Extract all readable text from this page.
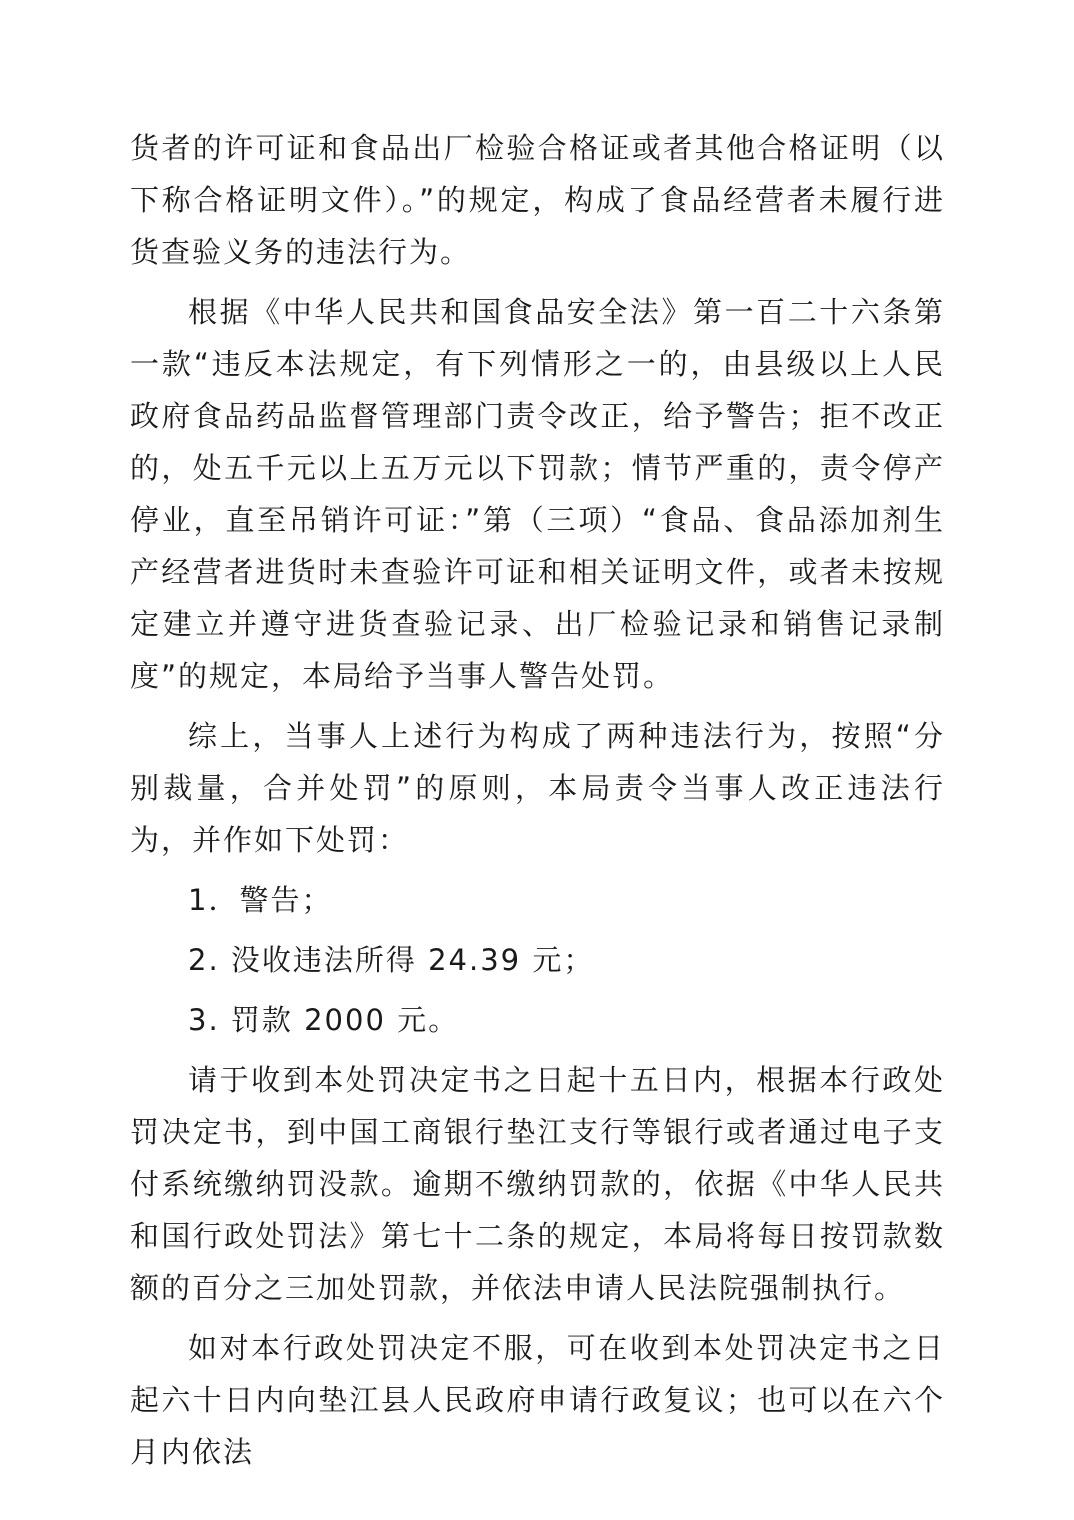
货者的许可证和食品出厂检验合格证或者其他合格证明（以下称合格证明文件）。”的规定，构成了食品经营者未履行进货查验义务的违法行为。

根据《中华人民共和国食品安全法》第一百二十六条第一款“违反本法规定，有下列情形之一的，由县级以上人民政府食品药品监督管理部门责令改正，给予警告；拒不改正的，处五千元以上五万元以下罚款；情节严重的，责令停产停业，直至吊销许可证：”第（三项）“食品、食品添加剂生产经营者进货时未查验许可证和相关证明文件，或者未按规定建立并遵守进货查验记录、出厂检验记录和销售记录制度”的规定，本局给予当事人警告处罚。

综上，当事人上述行为构成了两种违法行为，按照“分别裁量，合并处罚”的原则，本局责令当事人改正违法行为，并作如下处罚：

1．警告；

2. 没收违法所得 24.39 元；

3. 罚款 2000 元。

请于收到本处罚决定书之日起十五日内，根据本行政处罚决定书，到中国工商银行垫江支行等银行或者通过电子支付系统缴纳罚没款。逾期不缴纳罚款的，依据《中华人民共和国行政处罚法》第七十二条的规定，本局将每日按罚款数额的百分之三加处罚款，并依法申请人民法院强制执行。

如对本行政处罚决定不服，可在收到本处罚决定书之日起六十日内向垫江县人民政府申请行政复议；也可以在六个月内依法
